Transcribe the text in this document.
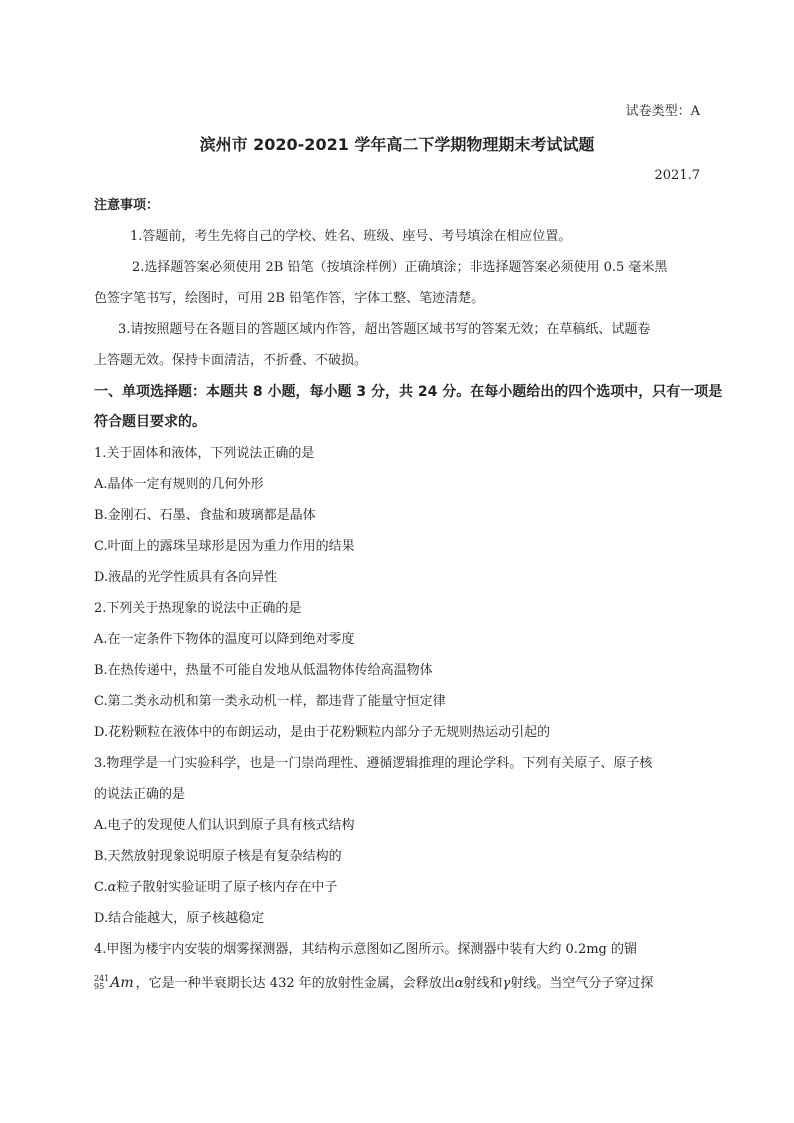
试卷类型：A
滨州市 2020-2021 学年高二下学期物理期末考试试题
2021.7
注意事项：
1.答题前，考生先将自己的学校、姓名、班级、座号、考号填涂在相应位置。
2.选择题答案必须使用 2B 铅笔（按填涂样例）正确填涂；非选择题答案必须使用 0.5 毫米黑
色签字笔书写，绘图时，可用 2B 铅笔作答，字体工整、笔迹清楚。
3.请按照题号在各题目的答题区域内作答，超出答题区域书写的答案无效；在草稿纸、试题卷
上答题无效。保持卡面清洁，不折叠、不破损。
一、单项选择题：本题共 8 小题，每小题 3 分，共 24 分。在每小题给出的四个选项中，只有一项是
符合题目要求的。
1.关于固体和液体，下列说法正确的是
A.晶体一定有规则的几何外形
B.金刚石、石墨、食盐和玻璃都是晶体
C.叶面上的露珠呈球形是因为重力作用的结果
D.液晶的光学性质具有各向异性
2.下列关于热现象的说法中正确的是
A.在一定条件下物体的温度可以降到绝对零度
B.在热传递中，热量不可能自发地从低温物体传给高温物体
C.第二类永动机和第一类永动机一样，都违背了能量守恒定律
D.花粉颗粒在液体中的布朗运动，是由于花粉颗粒内部分子无规则热运动引起的
3.物理学是一门实验科学，也是一门崇尚理性、遵循逻辑推理的理论学科。下列有关原子、原子核
的说法正确的是
A.电子的发现使人们认识到原子具有核式结构
B.天然放射现象说明原子核是有复杂结构的
C.α粒子散射实验证明了原子核内存在中子
D.结合能越大，原子核越稳定
4.甲图为楼宇内安装的烟雾探测器，其结构示意图如乙图所示。探测器中装有大约 0.2mg 的镅
241
95 Am ，它是一种半衰期长达 432 年的放射性金属，会释放出α射线和γ射线。当空气分子穿过探
